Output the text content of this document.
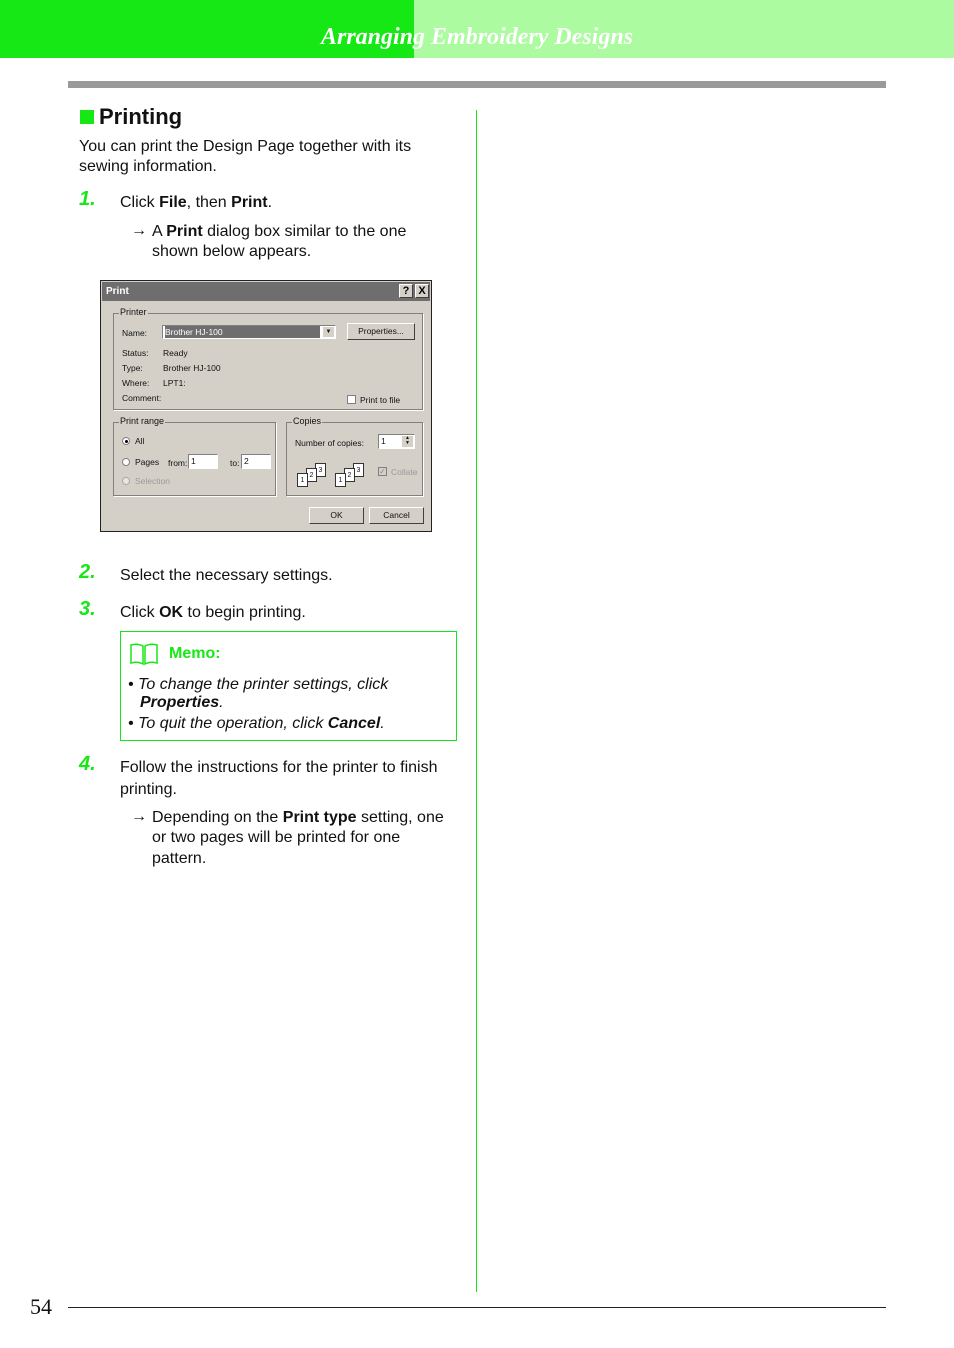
Arranging Embroidery Designs
Printing
You can print the Design Page together with its
sewing information.
1. Click File, then Print.
→ A Print dialog box similar to the one
shown below appears.
Print	? X
Printer
Name: Brother HJ-100	▼	Properties...
Status: Ready
Type: Brother HJ-100
Where: LPT1:
Comment:	Print to file
Print range
All
Pages from: 1	to: 2
Selection
Copies
Number of copies:	1	▲
▼
3
2
1
3
2
1
✓ Collate
OK	Cancel
2. Select the necessary settings.
3. Click OK to begin printing.
Memo:
• To change the printer settings, click
Properties.
• To quit the operation, click Cancel.
4. Follow the instructions for the printer to finish
printing.
→ Depending on the Print type setting, one
or two pages will be printed for one
pattern.
54
